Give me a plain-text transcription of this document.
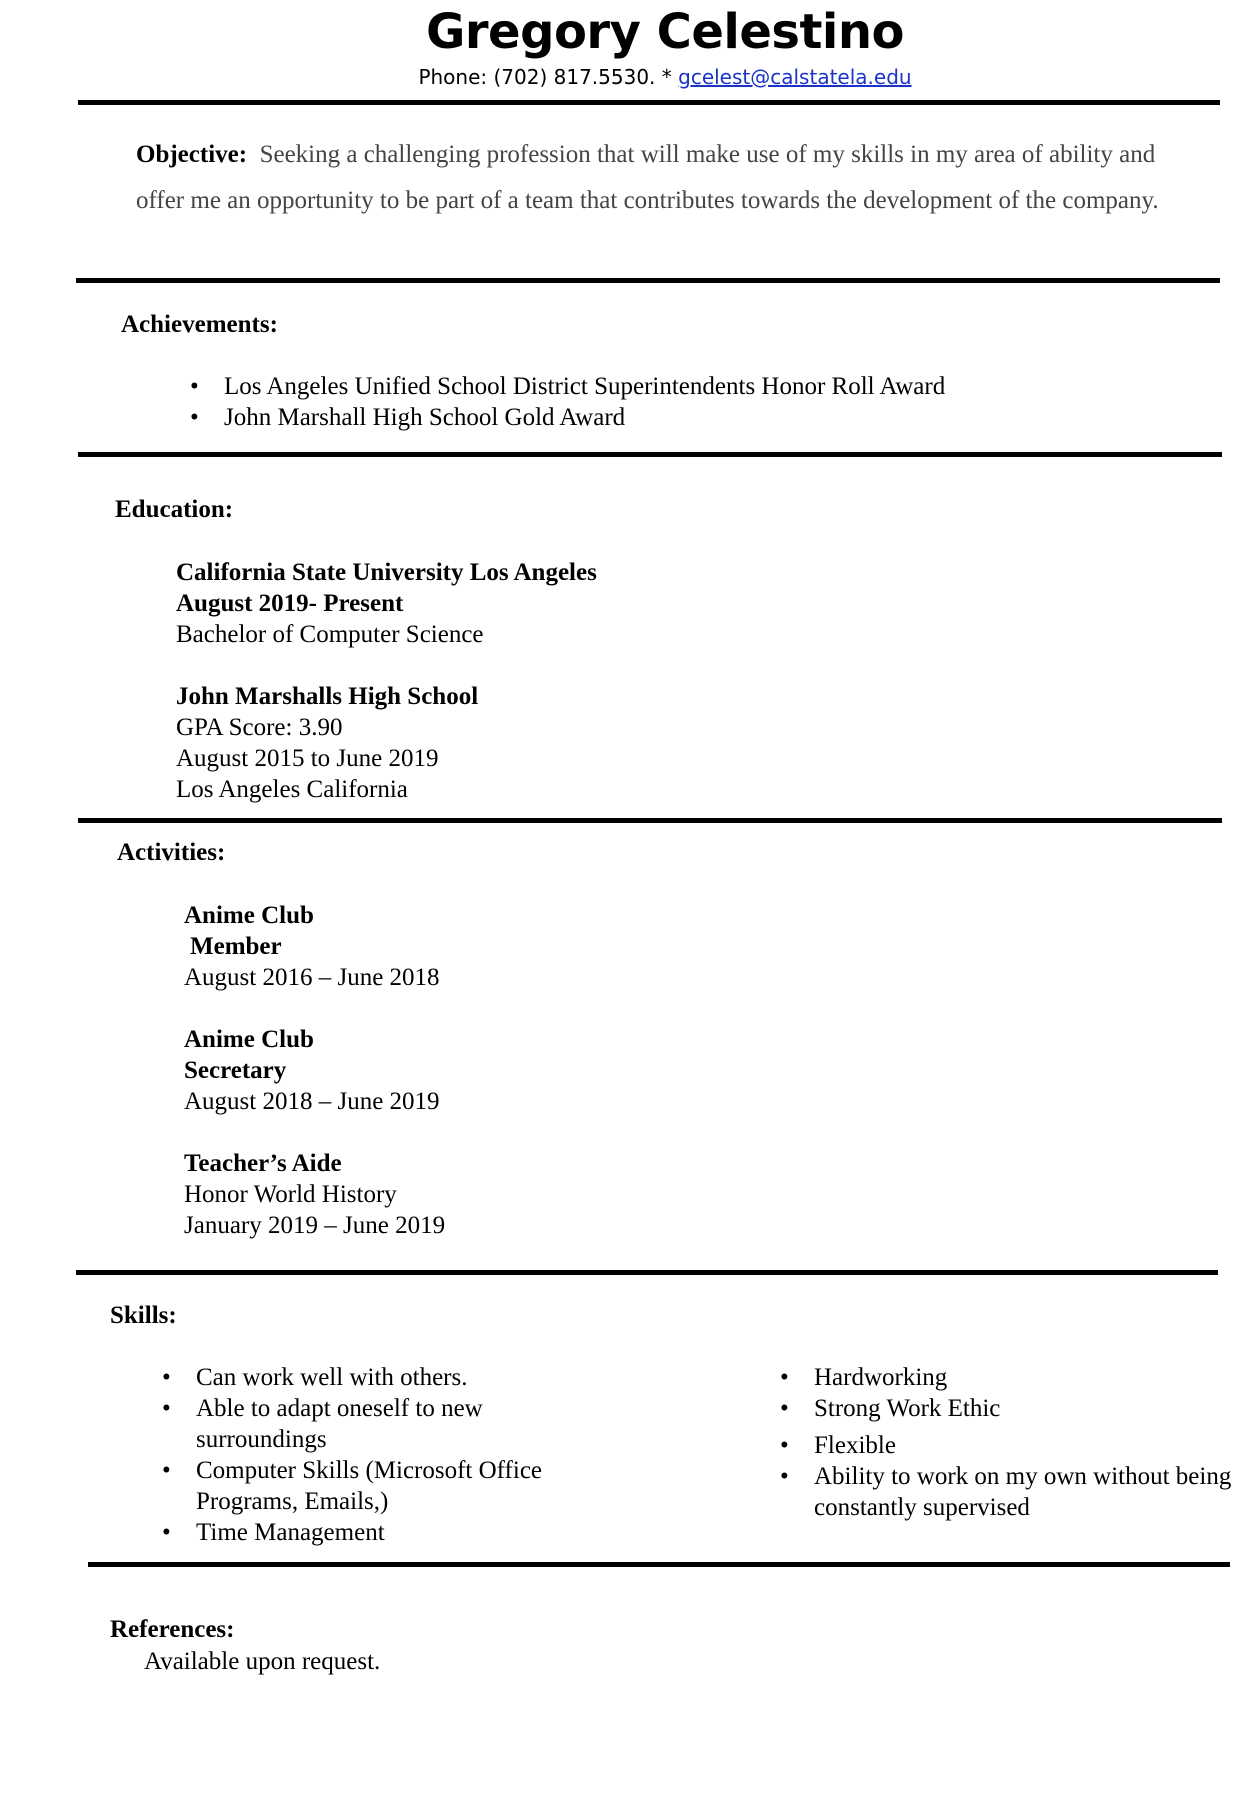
Gregory Celestino
Phone: (702) 817.5530. * gcelest@calstatela.edu
Objective: Seeking a challenging profession that will make use of my skills in my area of ability and offer me an opportunity to be part of a team that contributes towards the development of the company.
Achievements:
• Los Angeles Unified School District Superintendents Honor Roll Award
• John Marshall High School Gold Award
Education:
California State University Los Angeles
August 2019- Present
Bachelor of Computer Science
John Marshalls High School
GPA Score: 3.90
August 2015 to June 2019
Los Angeles California
Activities:
Anime Club
Member
August 2016 – June 2018
Anime Club
Secretary
August 2018 – June 2019
Teacher’s Aide
Honor World History
January 2019 – June 2019
Skills:
• Can work well with others.
• Able to adapt oneself to new surroundings
• Computer Skills (Microsoft Office Programs, Emails,)
• Time Management
• Hardworking
• Strong Work Ethic
• Flexible
• Ability to work on my own without being
constantly supervised
References:
Available upon request.
